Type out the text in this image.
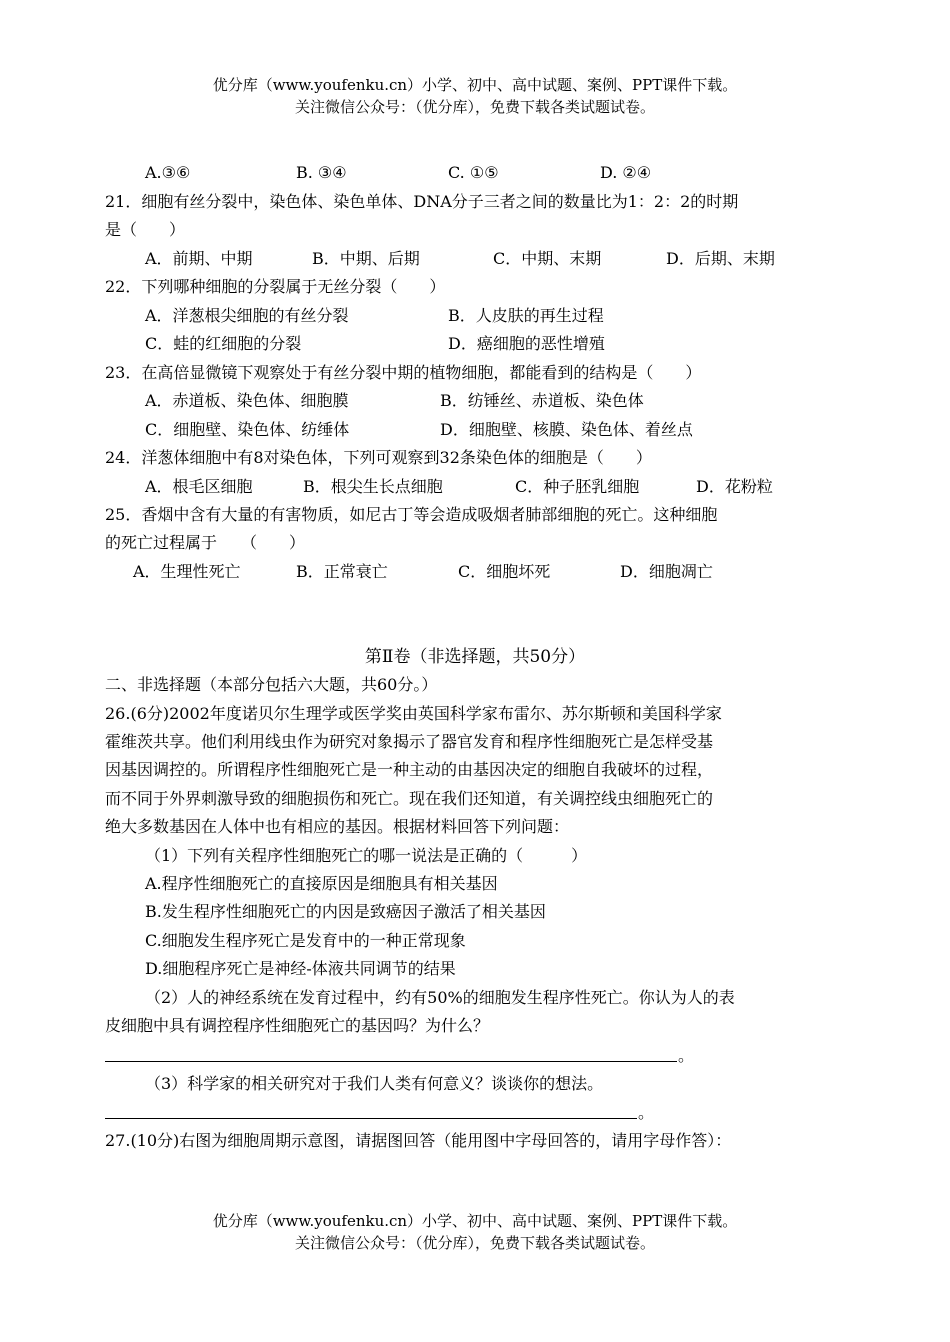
优分库（www.youfenku.cn）小学、初中、高中试题、案例、PPT课件下载。
关注微信公众号：（优分库），免费下载各类试题试卷。
A.③⑥	B. ③④	C. ①⑤	D. ②④
21．细胞有丝分裂中，染色体、染色单体、DNA分子三者之间的数量比为1：2：2的时期
是（　　）
A．前期、中期	B．中期、后期	C．中期、末期	D．后期、末期
22．下列哪种细胞的分裂属于无丝分裂（　　）
A．洋葱根尖细胞的有丝分裂	B．人皮肤的再生过程
C．蛙的红细胞的分裂	D．癌细胞的恶性增殖
23．在高倍显微镜下观察处于有丝分裂中期的植物细胞，都能看到的结构是（　　）
A．赤道板、染色体、细胞膜	B．纺锤丝、赤道板、染色体
C．细胞壁、染色体、纺缍体	D．细胞壁、核膜、染色体、着丝点
24．洋葱体细胞中有8对染色体，下列可观察到32条染色体的细胞是（　　）
A．根毛区细胞	B．根尖生长点细胞	C．种子胚乳细胞	D．花粉粒
25．香烟中含有大量的有害物质，如尼古丁等会造成吸烟者肺部细胞的死亡。这种细胞
的死亡过程属于　　（　　）
A．生理性死亡	B．正常衰亡	C．细胞坏死	D．细胞凋亡
第Ⅱ卷（非选择题，共50分）
二、非选择题（本部分包括六大题，共60分。）
26.(6分)2002年度诺贝尔生理学或医学奖由英国科学家布雷尔、苏尔斯顿和美国科学家
霍维茨共享。他们利用线虫作为研究对象揭示了器官发育和程序性细胞死亡是怎样受基
因基因调控的。所谓程序性细胞死亡是一种主动的由基因决定的细胞自我破坏的过程，
而不同于外界刺激导致的细胞损伤和死亡。现在我们还知道，有关调控线虫细胞死亡的
绝大多数基因在人体中也有相应的基因。根据材料回答下列问题：
（1）下列有关程序性细胞死亡的哪一说法是正确的（　　　）
A.程序性细胞死亡的直接原因是细胞具有相关基因
B.发生程序性细胞死亡的内因是致癌因子激活了相关基因
C.细胞发生程序死亡是发育中的一种正常现象
D.细胞程序死亡是神经-体液共同调节的结果
（2）人的神经系统在发育过程中，约有50%的细胞发生程序性死亡。你认为人的表
皮细胞中具有调控程序性细胞死亡的基因吗？为什么？
。
（3）科学家的相关研究对于我们人类有何意义？谈谈你的想法。
。
27.(10分)右图为细胞周期示意图，请据图回答（能用图中字母回答的，请用字母作答）：
优分库（www.youfenku.cn）小学、初中、高中试题、案例、PPT课件下载。
关注微信公众号：（优分库），免费下载各类试题试卷。
